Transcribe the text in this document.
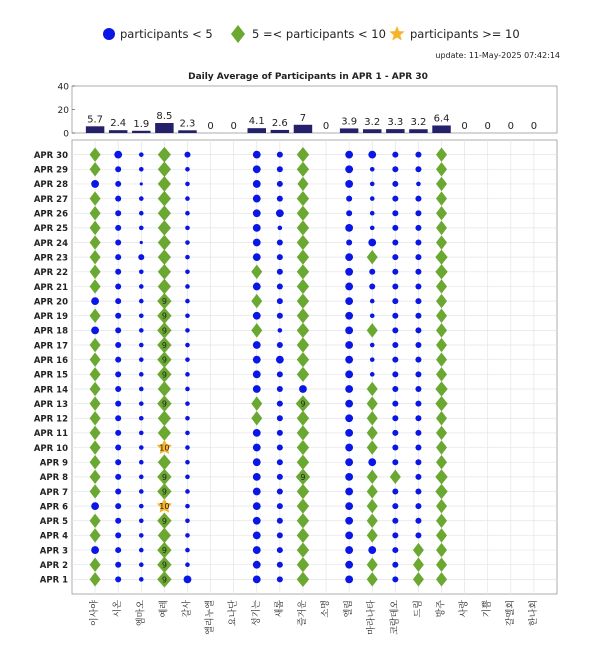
participants < 5	5 =< participants < 10 participants >= 10
update: 11-May-2025 07:42:14
Daily Average of Participants in APR 1 - APR 30
0
20
40
5.7 2.4 1.9
8.5
2.3 0 0 4.1 2.6 7
0 3.9 3.2 3.3 3.2 6.4
0 0 0 0
APR 30
APR 29
APR 28
APR 27
APR 26
APR 25
APR 24
APR 23
APR 22
APR 21
APR 20
APR 19
APR 18
APR 17
APR 16
APR 15
APR 14
APR 13
APR 12
APR 11
APR 10
APR 9
APR 8
APR 7
APR 6
APR 5
APR 4
APR 3
APR 2
APR 1
이사야 시온 엠마오 예레 갈사 엘리누엘 요나단 성기는 새롬 즐거운 소명 엘림 마라나타 코람데오 드림 방주 사랑 기쁨 갈멜회 한나회
9
9
9
9
9
9
9	9
10
9	9
9
10
9
9
9
9
